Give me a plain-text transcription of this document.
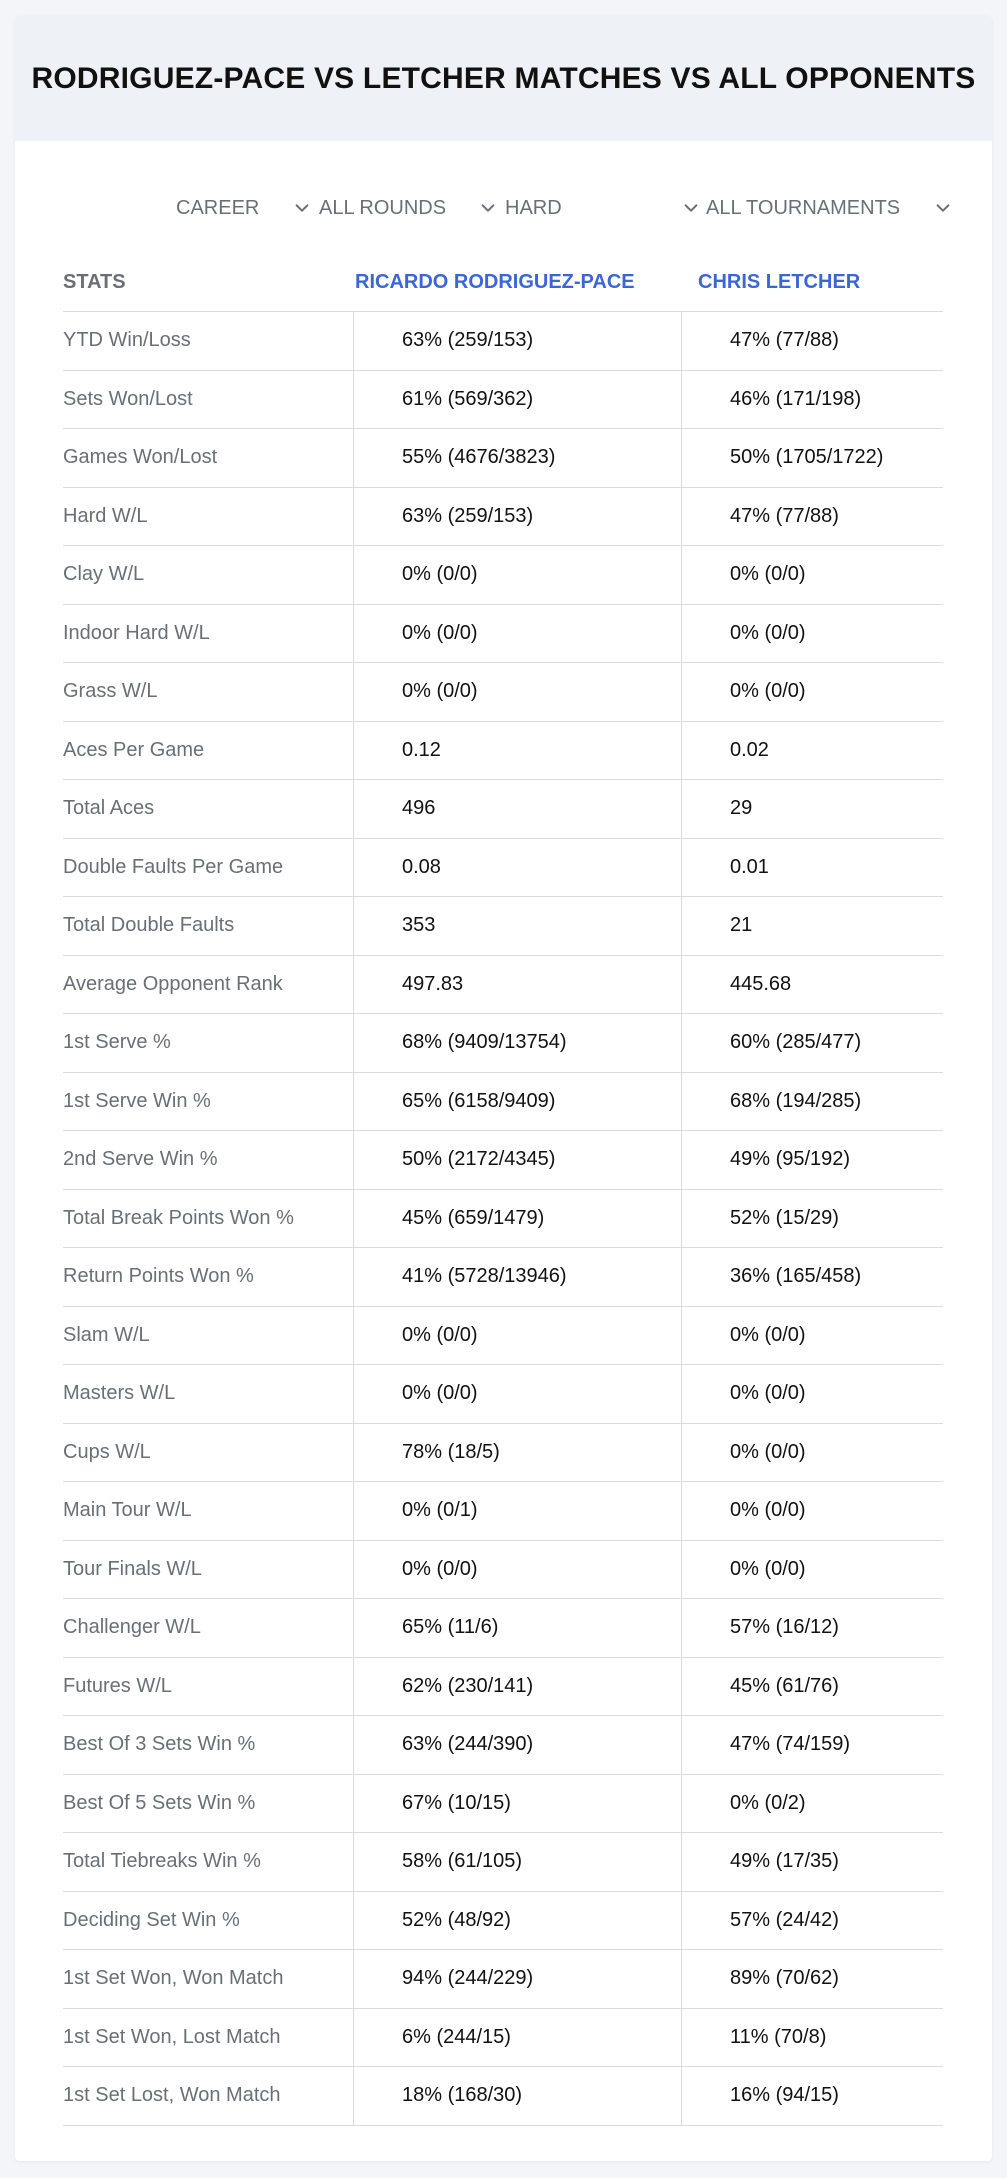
RODRIGUEZ-PACE VS LETCHER MATCHES VS ALL OPPONENTS
CAREER	ALL ROUNDS	HARD	ALL TOURNAMENTS
STATS	RICARDO RODRIGUEZ-PACE	CHRIS LETCHER
YTD Win/Loss	63% (259/153)	47% (77/88)
Sets Won/Lost	61% (569/362)	46% (171/198)
Games Won/Lost	55% (4676/3823)	50% (1705/1722)
Hard W/L	63% (259/153)	47% (77/88)
Clay W/L	0% (0/0)	0% (0/0)
Indoor Hard W/L	0% (0/0)	0% (0/0)
Grass W/L	0% (0/0)	0% (0/0)
Aces Per Game	0.12	0.02
Total Aces	496	29
Double Faults Per Game	0.08	0.01
Total Double Faults	353	21
Average Opponent Rank	497.83	445.68
1st Serve %	68% (9409/13754)	60% (285/477)
1st Serve Win %	65% (6158/9409)	68% (194/285)
2nd Serve Win %	50% (2172/4345)	49% (95/192)
Total Break Points Won %	45% (659/1479)	52% (15/29)
Return Points Won %	41% (5728/13946)	36% (165/458)
Slam W/L	0% (0/0)	0% (0/0)
Masters W/L	0% (0/0)	0% (0/0)
Cups W/L	78% (18/5)	0% (0/0)
Main Tour W/L	0% (0/1)	0% (0/0)
Tour Finals W/L	0% (0/0)	0% (0/0)
Challenger W/L	65% (11/6)	57% (16/12)
Futures W/L	62% (230/141)	45% (61/76)
Best Of 3 Sets Win %	63% (244/390)	47% (74/159)
Best Of 5 Sets Win %	67% (10/15)	0% (0/2)
Total Tiebreaks Win %	58% (61/105)	49% (17/35)
Deciding Set Win %	52% (48/92)	57% (24/42)
1st Set Won, Won Match	94% (244/229)	89% (70/62)
1st Set Won, Lost Match	6% (244/15)	11% (70/8)
1st Set Lost, Won Match	18% (168/30)	16% (94/15)
